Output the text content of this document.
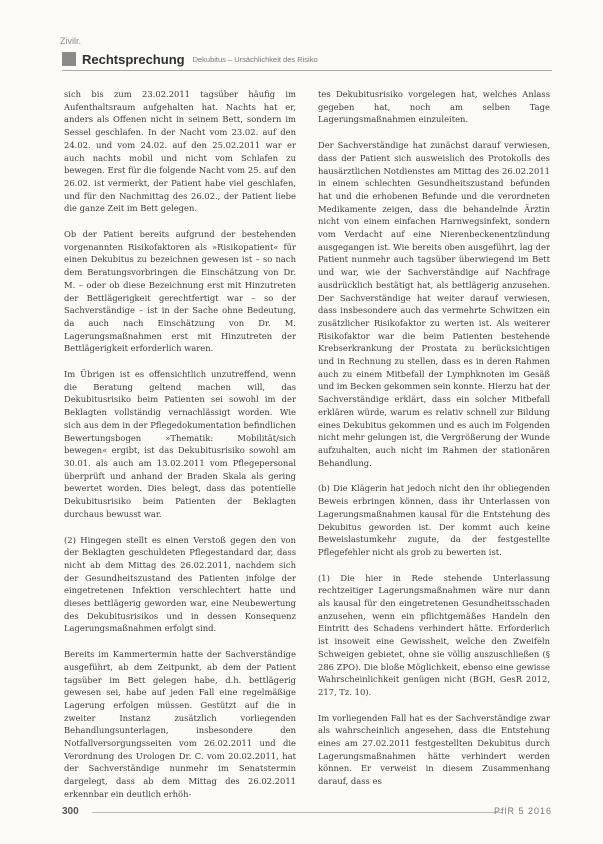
Zivilr.
Rechtsprechung Dekubitus – Ursächlichkeit des Risiko

sich bis zum 23.02.2011 tagsüber häufig im Aufenthaltsraum aufgehalten hat. Nachts hat er, anders als Offenen nicht in seinem Bett, sondern im Sessel geschlafen. In der Nacht vom 23.02. auf den 24.02. und vom 24.02. auf den 25.02.2011 war er auch nachts mobil und nicht vom Schlafen zu bewegen. Erst für die folgende Nacht vom 25. auf den 26.02. ist vermerkt, der Patient habe viel geschlafen, und für den Nachmittag des 26.02., der Patient liebe die ganze Zeit im Bett gelegen.

Ob der Patient bereits aufgrund der bestehenden vorgenannten Risikofaktoren als »Risikopatient« für einen Dekubitus zu bezeichnen gewesen ist – so nach dem Beratungsvorbringen die Einschätzung von Dr. M. – oder ob diese Bezeichnung erst mit Hinzutreten der Bettlägerigkeit gerechtfertigt war – so der Sachverständige – ist in der Sache ohne Bedeutung, da auch nach Einschätzung von Dr. M. Lagerungsmaßnahmen erst mit Hinzutreten der Bettlägerigkeit erforderlich waren.

Im Übrigen ist es offensichtlich unzutreffend, wenn die Beratung geltend machen will, das Dekubitusrisiko beim Patienten sei sowohl im der Beklagten vollständig vernachlässigt worden. Wie sich aus dem in der Pflegedokumentation befindlichen Bewertungsbogen »Thematik: Mobilität/sich bewegen« ergibt, ist das Dekubitusrisiko sowohl am 30.01. als auch am 13.02.2011 vom Pflegepersonal überprüft und anhand der Braden Skala als gering bewertet worden. Dies belegt, dass das potentielle Dekubitusrisiko beim Patienten der Beklagten durchaus bewusst war.

(2) Hingegen stellt es einen Verstoß gegen den von der Beklagten geschuldeten Pflegestandard dar, dass nicht ab dem Mittag des 26.02.2011, nachdem sich der Gesundheitszustand des Patienten infolge der eingetretenen Infektion verschlechtert hatte und dieses bettlägerig geworden war, eine Neubewertung des Dekubitusrisikos und in dessen Konsequenz Lagerungsmaßnahmen erfolgt sind.

Bereits im Kammertermin hatte der Sachverständige ausgeführt, ab dem Zeitpunkt, ab dem der Patient tagsüber im Bett gelegen habe, d.h. bettlägerig gewesen sei, habe auf jeden Fall eine regelmäßige Lagerung erfolgen müssen. Gestützt auf die in zweiter Instanz zusätzlich vorliegenden Behandlungsunterlagen, insbesondere den Notfallversorgungsseiten vom 26.02.2011 und die Verordnung des Urologen Dr. C. vom 20.02.2011, hat der Sachverständige nunmehr im Senatstermin dargelegt, dass ab dem Mittag des 26.02.2011 erkennbar ein deutlich erhöh-

tes Dekubitusrisiko vorgelegen hat, welches Anlass gegeben hat, noch am selben Tage Lagerungsmaßnahmen einzuleiten.

Der Sachverständige hat zunächst darauf verwiesen, dass der Patient sich ausweislich des Protokolls des hausärztlichen Notdienstes am Mittag des 26.02.2011 in einem schlechten Gesundheitszustand befunden hat und die erhobenen Befunde und die verordneten Medikamente zeigen, dass die behandelnde Ärztin nicht von einem einfachen Harnwegsinfekt, sondern vom Verdacht auf eine Nierenbeckenentzündung ausgegangen ist. Wie bereits oben ausgeführt, lag der Patient nunmehr auch tagsüber überwiegend im Bett und war, wie der Sachverständige auf Nachfrage ausdrücklich bestätigt hat, als bettlägerig anzusehen. Der Sachverständige hat weiter darauf verwiesen, dass insbesondere auch das vermehrte Schwitzen ein zusätzlicher Risikofaktor zu werten ist. Als weiterer Risikofaktor war die beim Patienten bestehende Krebserkrankung der Prostata zu berücksichtigen und in Rechnung zu stellen, dass es in deren Rahmen auch zu einem Mitbefall der Lymphknoten im Gesäß und im Becken gekommen sein konnte. Hierzu hat der Sachverständige erklärt, dass ein solcher Mitbefall erklären würde, warum es relativ schnell zur Bildung eines Dekubitus gekommen und es auch im Folgenden nicht mehr gelungen ist, die Vergrößerung der Wunde aufzuhalten, auch nicht im Rahmen der stationären Behandlung.

(b) Die Klägerin hat jedoch nicht den ihr obliegenden Beweis erbringen können, dass ihr Unterlassen von Lagerungsmaßnahmen kausal für die Entstehung des Dekubitus geworden ist. Der kommt auch keine Beweislastumkehr zugute, da der festgestellte Pflegefehler nicht als grob zu bewerten ist.

(1) Die hier in Rede stehende Unterlassung rechtzeitiger Lagerungsmaßnahmen wäre nur dann als kausal für den eingetretenen Gesundheitsschaden anzusehen, wenn ein pflichtgemäßes Handeln den Eintritt des Schadens verhindert hätte. Erforderlich ist insoweit eine Gewissheit, welche den Zweifeln Schweigen gebietet, ohne sie völlig auszuschließen (§ 286 ZPO). Die bloße Möglichkeit, ebenso eine gewisse Wahrscheinlichkeit genügen nicht (BGH, GesR 2012, 217, Tz. 10).

Im vorliegenden Fall hat es der Sachverständige zwar als wahrscheinlich angesehen, dass die Entstehung eines am 27.02.2011 festgestellten Dekubitus durch Lagerungsmaßnahmen hätte verhindert werden können. Er verweist in diesem Zusammenhang darauf, dass es

300	PflR 5 2016
